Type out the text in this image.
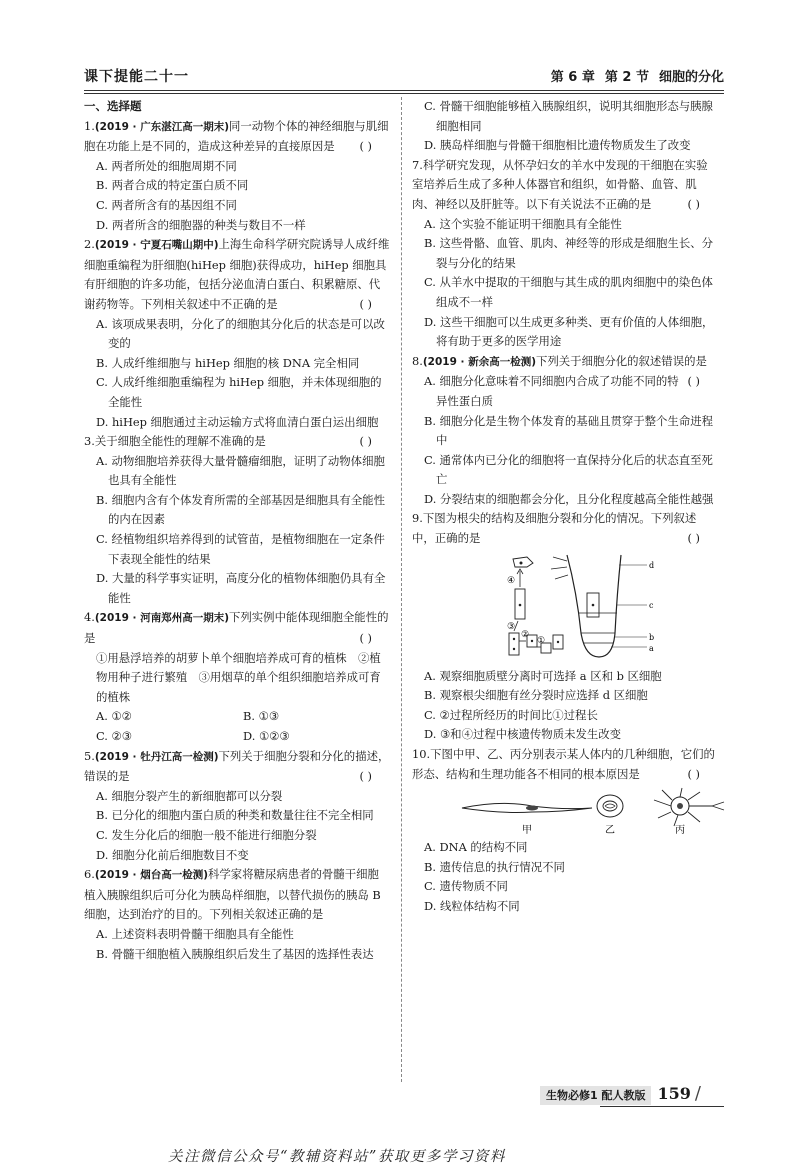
课下提能二十一	第 6 章 第 2 节 细胞的分化
一、选择题
1.(2019 · 广东湛江高一期末)同一动物个体的神经细胞与肌细胞在功能上是不同的，造成这种差异的直接原因是 ( )
A. 两者所处的细胞周期不同
B. 两者合成的特定蛋白质不同
C. 两者所含有的基因组不同
D. 两者所含的细胞器的种类与数目不一样
2.(2019 · 宁夏石嘴山期中)上海生命科学研究院诱导人成纤维细胞重编程为肝细胞(hiHep 细胞)获得成功，hiHep 细胞具有肝细胞的许多功能，包括分泌血清白蛋白、积累糖原、代谢药物等。下列相关叙述中不正确的是	( )
A. 该项成果表明，分化了的细胞其分化后的状态是可以改变的
B. 人成纤维细胞与 hiHep 细胞的核 DNA 完全相同
C. 人成纤维细胞重编程为 hiHep 细胞，并未体现细胞的全能性
D. hiHep 细胞通过主动运输方式将血清白蛋白运出细胞
3.关于细胞全能性的理解不准确的是	( )
A. 动物细胞培养获得大量骨髓瘤细胞，证明了动物体细胞也具有全能性
B. 细胞内含有个体发育所需的全部基因是细胞具有全能性的内在因素
C. 经植物组织培养得到的试管苗，是植物细胞在一定条件下表现全能性的结果
D. 大量的科学事实证明，高度分化的植物体细胞仍具有全能性
4.(2019 · 河南郑州高一期末)下列实例中能体现细胞全能性的是	( )
①用悬浮培养的胡萝卜单个细胞培养成可育的植株　②植物用种子进行繁殖　③用烟草的单个组织细胞培养成可育的植株
A. ①②	B. ①③
C. ②③	D. ①②③
5.(2019 · 牡丹江高一检测)下列关于细胞分裂和分化的描述，错误的是	( )
A. 细胞分裂产生的新细胞都可以分裂
B. 已分化的细胞内蛋白质的种类和数量往往不完全相同
C. 发生分化后的细胞一般不能进行细胞分裂
D. 细胞分化前后细胞数目不变
6.(2019 · 烟台高一检测)科学家将糖尿病患者的骨髓干细胞植入胰腺组织后可分化为胰岛样细胞，以替代损伤的胰岛 B 细胞，达到治疗的目的。下列相关叙述正确的是
A. 上述资料表明骨髓干细胞具有全能性
B. 骨髓干细胞植入胰腺组织后发生了基因的选择性表达
C. 骨髓干细胞能够植入胰腺组织，说明其细胞形态与胰腺细胞相同
D. 胰岛样细胞与骨髓干细胞相比遗传物质发生了改变
7.科学研究发现，从怀孕妇女的羊水中发现的干细胞在实验室培养后生成了多种人体器官和组织，如骨骼、血管、肌肉、神经以及肝脏等。以下有关说法不正确的是	( )
A. 这个实验不能证明干细胞具有全能性
B. 这些骨骼、血管、肌肉、神经等的形成是细胞生长、分裂与分化的结果
C. 从羊水中提取的干细胞与其生成的肌肉细胞中的染色体组成不一样
D. 这些干细胞可以生成更多种类、更有价值的人体细胞，将有助于更多的医学用途
8.(2019 · 新余高一检测)下列关于细胞分化的叙述错误的是
( )
A. 细胞分化意味着不同细胞内合成了功能不同的特异性蛋白质
B. 细胞分化是生物个体发育的基础且贯穿于整个生命进程中
C. 通常体内已分化的细胞将一直保持分化后的状态直至死亡
D. 分裂结束的细胞都会分化，且分化程度越高全能性越强
9.下图为根尖的结构及细胞分裂和分化的情况。下列叙述中，正确的是	( )
d
c
b
a
④
③
②
①
A. 观察细胞质壁分离时可选择 a 区和 b 区细胞
B. 观察根尖细胞有丝分裂时应选择 d 区细胞
C. ②过程所经历的时间比①过程长
D. ③和④过程中核遗传物质未发生改变
10.下图中甲、乙、丙分别表示某人体内的几种细胞，它们的形态、结构和生理功能各不相同的根本原因是	( )
甲	乙	丙
A. DNA 的结构不同
B. 遗传信息的执行情况不同
C. 遗传物质不同
D. 线粒体结构不同
生物必修1 配人教版 159 /
关注微信公众号“教辅资料站”获取更多学习资料
